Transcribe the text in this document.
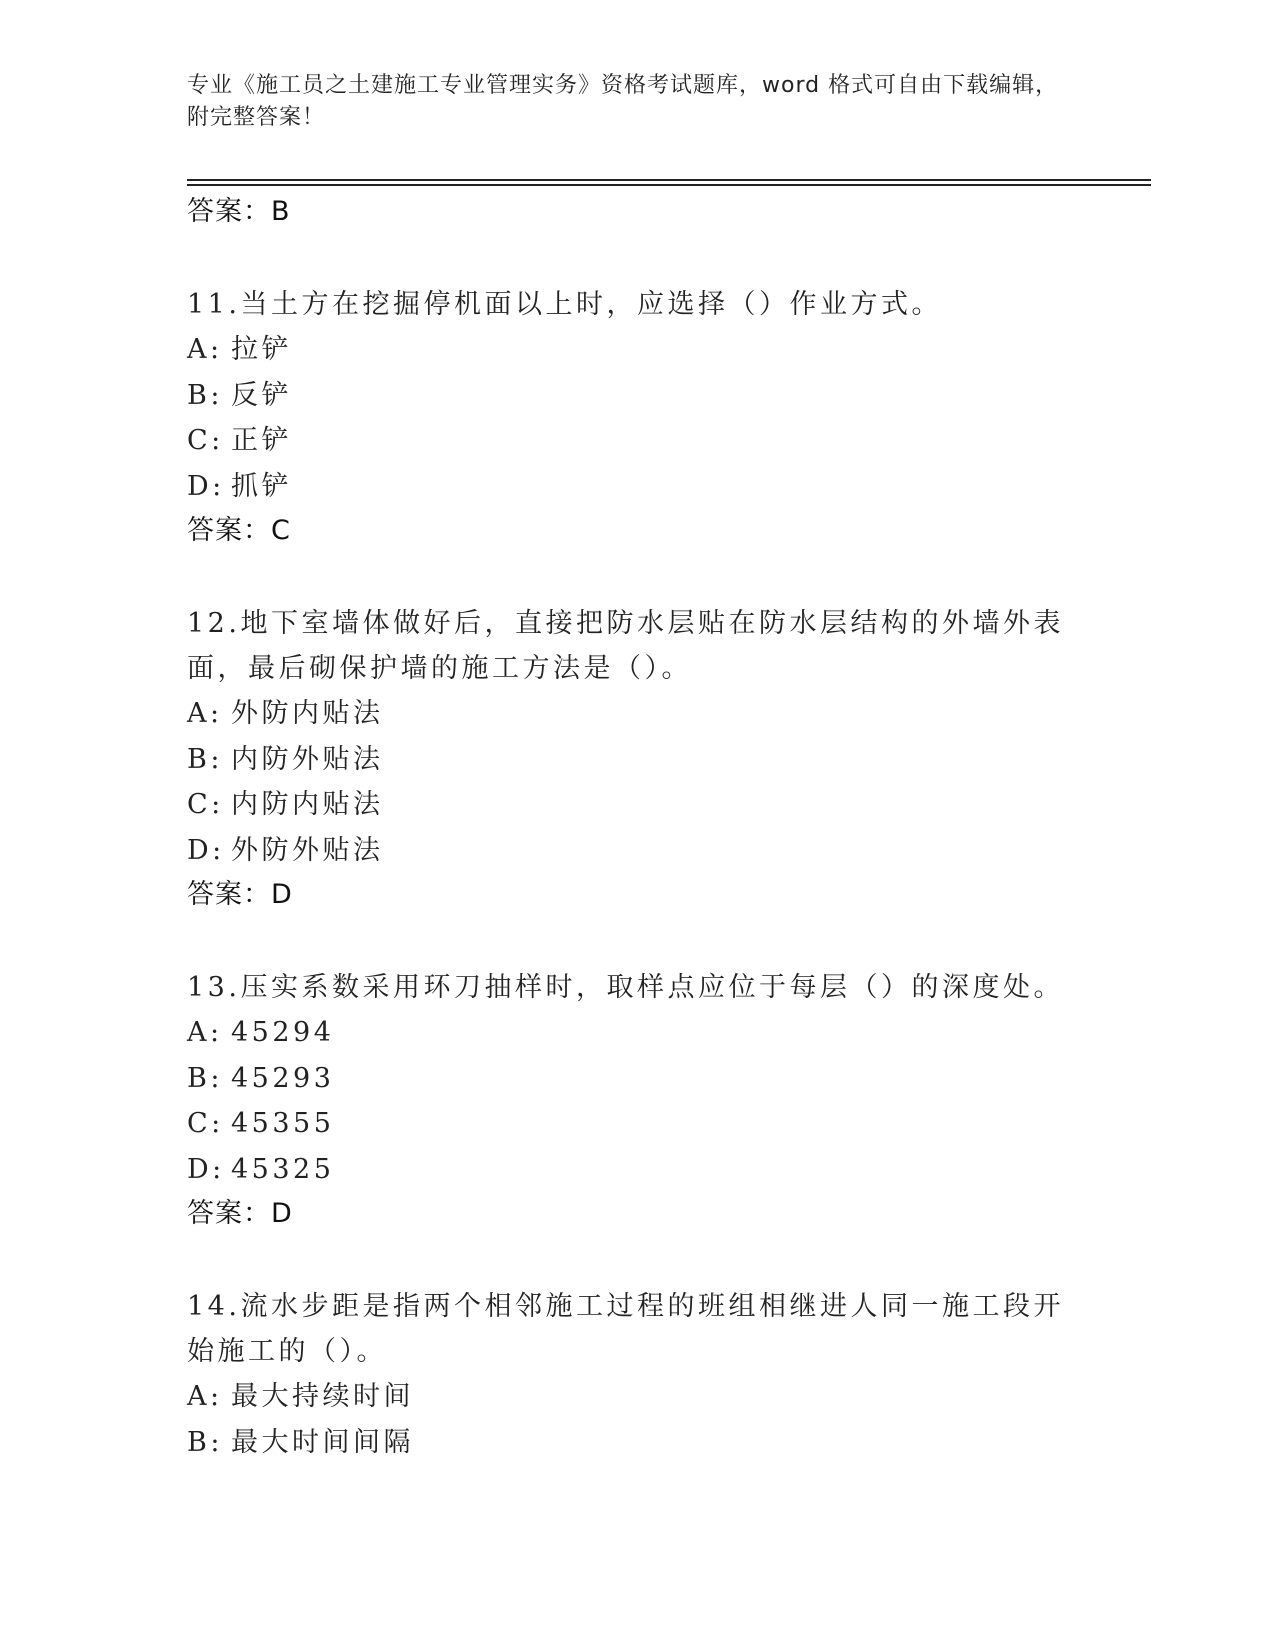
专业《施工员之土建施工专业管理实务》资格考试题库，word 格式可自由下载编辑，附完整答案！
答案：B
11.当土方在挖掘停机面以上时，应选择（）作业方式。
A: 拉铲
B: 反铲
C: 正铲
D: 抓铲
答案：C
12.地下室墙体做好后，直接把防水层贴在防水层结构的外墙外表面，最后砌保护墙的施工方法是（）。
A: 外防内贴法
B: 内防外贴法
C: 内防内贴法
D: 外防外贴法
答案：D
13.压实系数采用环刀抽样时，取样点应位于每层（）的深度处。
A: 45294
B: 45293
C: 45355
D: 45325
答案：D
14.流水步距是指两个相邻施工过程的班组相继进人同一施工段开始施工的（）。
A: 最大持续时间
B: 最大时间间隔
